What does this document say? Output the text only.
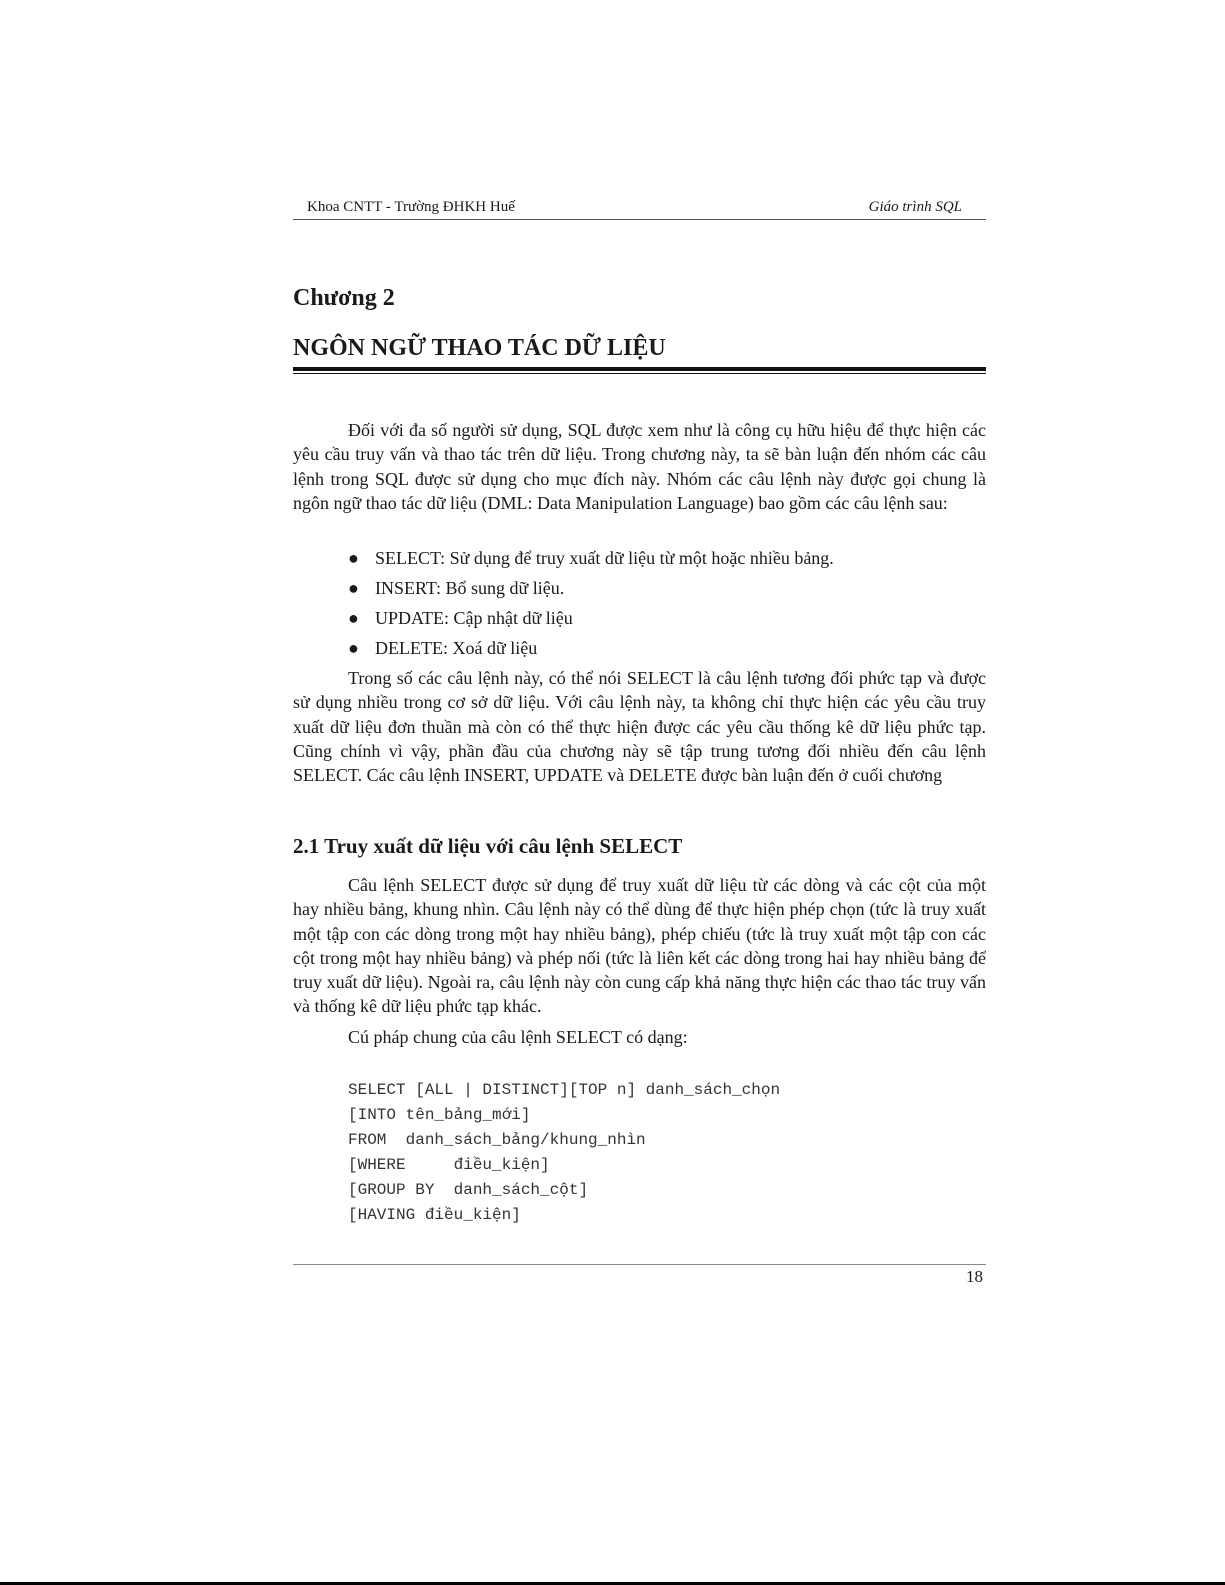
Khoa CNTT - Trường ĐHKH Huế	Giáo trình SQL
Chương 2
NGÔN NGỮ THAO TÁC DỮ LIỆU

Đối với đa số người sử dụng, SQL được xem như là công cụ hữu hiệu để thực hiện các yêu cầu truy vấn và thao tác trên dữ liệu. Trong chương này, ta sẽ bàn luận đến nhóm các câu lệnh trong SQL được sử dụng cho mục đích này. Nhóm các câu lệnh này được gọi chung là ngôn ngữ thao tác dữ liệu (DML: Data Manipulation Language) bao gồm các câu lệnh sau:

● SELECT: Sử dụng để truy xuất dữ liệu từ một hoặc nhiều bảng.
● INSERT: Bổ sung dữ liệu.
● UPDATE: Cập nhật dữ liệu
● DELETE: Xoá dữ liệu

Trong số các câu lệnh này, có thể nói SELECT là câu lệnh tương đối phức tạp và được sử dụng nhiều trong cơ sở dữ liệu. Với câu lệnh này, ta không chỉ thực hiện các yêu cầu truy xuất dữ liệu đơn thuần mà còn có thể thực hiện được các yêu cầu thống kê dữ liệu phức tạp. Cũng chính vì vậy, phần đầu của chương này sẽ tập trung tương đối nhiều đến câu lệnh SELECT. Các câu lệnh INSERT, UPDATE và DELETE được bàn luận đến ở cuối chương

2.1 Truy xuất dữ liệu với câu lệnh SELECT

Câu lệnh SELECT được sử dụng để truy xuất dữ liệu từ các dòng và các cột của một hay nhiều bảng, khung nhìn. Câu lệnh này có thể dùng để thực hiện phép chọn (tức là truy xuất một tập con các dòng trong một hay nhiều bảng), phép chiếu (tức là truy xuất một tập con các cột trong một hay nhiều bảng) và phép nối (tức là liên kết các dòng trong hai hay nhiều bảng để truy xuất dữ liệu). Ngoài ra, câu lệnh này còn cung cấp khả năng thực hiện các thao tác truy vấn và thống kê dữ liệu phức tạp khác.

Cú pháp chung của câu lệnh SELECT có dạng:

SELECT [ALL | DISTINCT][TOP n] danh_sách_chọn
[INTO tên_bảng_mới]
FROM  danh_sách_bảng/khung_nhìn
[WHERE     điều_kiện]
[GROUP BY  danh_sách_cột]
[HAVING điều_kiện]
18
